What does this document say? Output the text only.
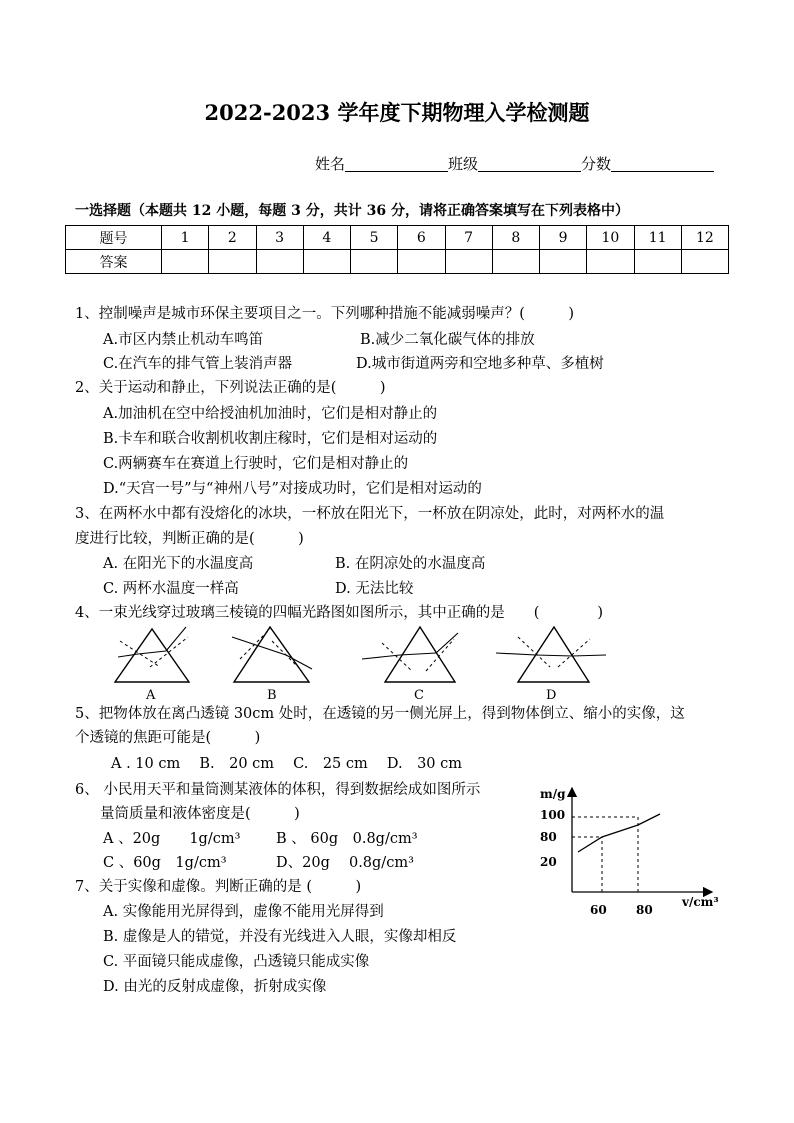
2022-2023 学年度下期物理入学检测题
姓名	班级	分数
一选择题（本题共 12 小题，每题 3 分，共计 36 分，请将正确答案填写在下列表格中）
题号	1	2	3	4	5	6	7	8	9	10	11	12
答案												
1、控制噪声是城市环保主要项目之一。下列哪种措施不能减弱噪声？(　　　)
A.市区内禁止机动车鸣笛	B.减少二氧化碳气体的排放
C.在汽车的排气管上装消声器	D.城市街道两旁和空地多种草、多植树
2、关于运动和静止，下列说法正确的是(　　　)
A.加油机在空中给授油机加油时，它们是相对静止的
B.卡车和联合收割机收割庄稼时，它们是相对运动的
C.两辆赛车在赛道上行驶时，它们是相对静止的
D.“天宫一号”与“神州八号”对接成功时，它们是相对运动的
3、在两杯水中都有没熔化的冰块，一杯放在阳光下，一杯放在阴凉处，此时，对两杯水的温
度进行比较，判断正确的是(　　　)
A. 在阳光下的水温度高	B. 在阴凉处的水温度高
C. 两杯水温度一样高	D. 无法比较
4、一束光线穿过玻璃三棱镜的四幅光路图如图所示，其中正确的是　　(　　　　)
A	B	C	D
5、把物体放在离凸透镜 30cm 处时，在透镜的另一侧光屏上，得到物体倒立、缩小的实像，这
个透镜的焦距可能是(　　　)
A . 10 cm　 B.　20 cm　 C.　25 cm　 D.　30 cm
6、 小民用天平和量筒测某液体的体积，得到数据绘成如图所示
量筒质量和液体密度是(　　　)
A 、20g　　1g/cm³ B 、 60g　0.8g/cm³
C 、60g　1g/cm³	D、20g　 0.8g/cm³
m/g
v/cm³
100
80
20
60 80
7、关于实像和虚像。判断正确的是 (　　　)
A. 实像能用光屏得到，虚像不能用光屏得到
B. 虚像是人的错觉，并没有光线进入人眼，实像却相反
C. 平面镜只能成虚像，凸透镜只能成实像
D. 由光的反射成虚像，折射成实像
